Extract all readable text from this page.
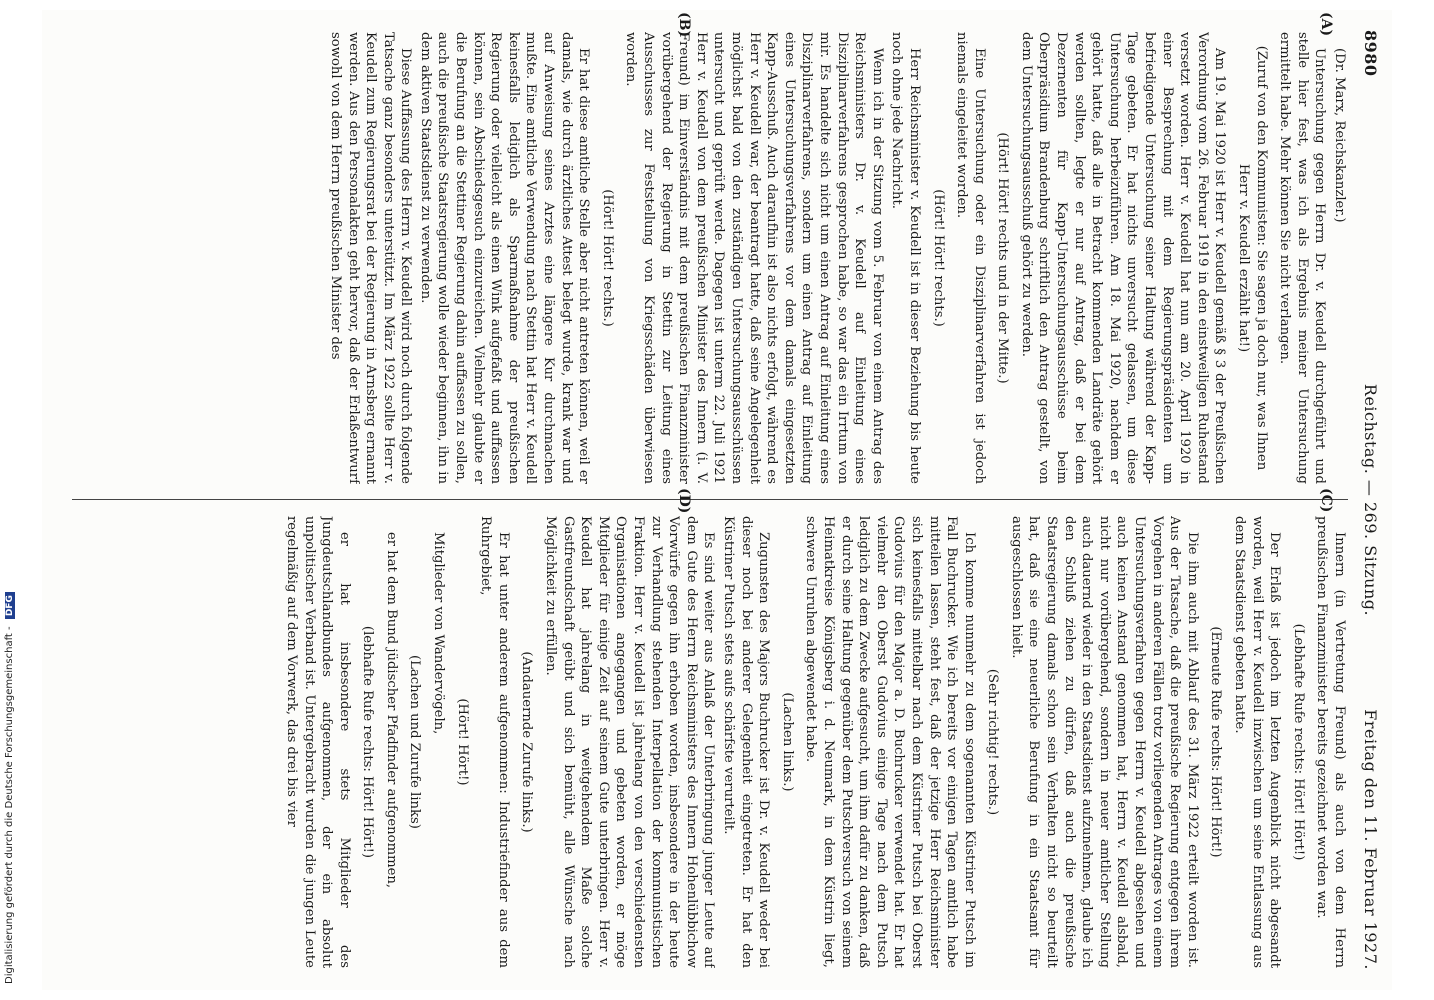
8980
Reichstag. — 269. Sitzung.
Freitag den 11. Februar 1927.

(Dr. Marx, Reichskanzler.)

Untersuchung gegen Herrn Dr. v. Keudell durchgeführt und stelle hier fest, was ich als Ergebnis meiner Untersuchung ermittelt habe. Mehr können Sie nicht verlangen.

(Zuruf von den Kommunisten: Sie sagen ja doch nur, was Ihnen Herr v. Keudell erzählt hat!)

Am 19. Mai 1920 ist Herr v. Keudell gemäß § 3 der Preußischen Verordnung vom 26. Februar 1919 in den einstweiligen Ruhestand versetzt worden. Herr v. Keudell hat nun am 20. April 1920 in einer Besprechung mit dem Regierungspräsidenten um befriedigende Untersuchung seiner Haltung während der Kapp-Tage gebeten. Er hat nichts unversucht gelassen, um diese Untersuchung herbeizuführen. Am 18. Mai 1920, nachdem er gehört hatte, daß alle in Betracht kommenden Landräte gehört werden sollten, legte er nur auf Antrag, daß er bei dem Dezernenten für Kapp-Untersuchungsausschüsse beim Oberpräsidium Brandenburg schriftlich den Antrag gestellt, von dem Untersuchungsausschuß gehört zu werden.

(Hört! Hört! rechts und in der Mitte.)

Eine Untersuchung oder ein Disziplinarverfahren ist jedoch niemals eingeleitet worden.

(Hört! Hört! rechts.)

Herr Reichsminister v. Keudell ist in dieser Beziehung bis heute noch ohne jede Nachricht.

Wenn ich in der Sitzung vom 5. Februar von einem Antrag des Reichsministers Dr. v. Keudell auf Einleitung eines Disziplinarverfahrens gesprochen habe, so war das ein Irrtum von mir. Es handelte sich nicht um einen Antrag auf Einleitung eines Disziplinarverfahrens, sondern um einen Antrag auf Einleitung eines Untersuchungsverfahrens vor dem damals eingesetzten Kapp-Ausschuß. Auch daraufhin ist also nichts erfolgt, während es Herr v. Keudell war, der beantragt hatte, daß seine Angelegenheit möglichst bald von den zuständigen Untersuchungsausschüssen untersucht und geprüft werde. Dagegen ist unterm 22. Juli 1921 Herr v. Keudell von dem preußischen Minister des Innern (i. V. Freund) im Einverständnis mit dem preußischen Finanzminister vorübergehend der Regierung in Stettin zur Leitung eines Ausschusses zur Feststellung von Kriegsschäden überwiesen worden.

(Hört! Hört! rechts.)

Er hat diese amtliche Stelle aber nicht antreten können, weil er damals, wie durch ärztliches Attest belegt wurde, krank war und auf Anweisung seines Arztes eine längere Kur durchmachen mußte. Eine amtliche Verwendung nach Stettin hat Herr v. Keudell keinesfalls lediglich als Sparmaßnahme der preußischen Regierung oder vielleicht als einen Wink aufgefaßt und auffassen können, sein Abschiedsgesuch einzureichen. Vielmehr glaubte er die Berufung an die Stettiner Regierung dahin auffassen zu sollen, auch die preußische Staatsregierung wolle wieder beginnen, ihn in dem aktiven Staatsdienst zu verwenden.

Diese Auffassung des Herrn v. Keudell wird noch durch folgende Tatsache ganz besonders unterstützt. Im März 1922 sollte Herr v. Keudell zum Regierungsrat bei der Regierung in Arnsberg ernannt werden. Aus den Personalakten geht hervor, daß der Erlaßentwurf sowohl von dem Herrn preußischen Minister des

Innern (in Vertretung Freund) als auch von dem Herrn preußischen Finanzminister bereits gezeichnet worden war.

(Lebhafte Rufe rechts: Hört! Hört!)

Der Erlaß ist jedoch im letzten Augenblick nicht abgesandt worden, weil Herr v. Keudell inzwischen um seine Entlassung aus dem Staatsdienst gebeten hatte.

(Erneute Rufe rechts: Hört! Hört!)

Die ihm auch mit Ablauf des 31. März 1922 erteilt worden ist. Aus der Tatsache, daß die preußische Regierung entgegen ihrem Vorgehen in anderen Fällen trotz vorliegenden Antrages von einem Untersuchungsverfahren gegen Herrn v. Keudell abgesehen und auch keinen Anstand genommen hat, Herrn v. Keudell alsbald, nicht nur vorübergehend, sondern in neuer amtlicher Stellung auch dauernd wieder in den Staatsdienst aufzunehmen, glaube ich den Schluß ziehen zu dürfen, daß auch die preußische Staatsregierung damals schon sein Verhalten nicht so beurteilt hat, daß sie eine neuerliche Berufung in ein Staatsamt für ausgeschlossen hielt.

(Sehr richtig! rechts.)

Ich komme nunmehr zu dem sogenannten Küstriner Putsch im Fall Buchrucker. Wie ich bereits vor einigen Tagen amtlich habe mitteilen lassen, steht fest, daß der jetzige Herr Reichsminister sich keinesfalls mittelbar nach dem Küstriner Putsch bei Oberst Gudovius für den Major a. D. Buchrucker verwendet hat. Er hat vielmehr den Oberst Gudovius einige Tage nach dem Putsch lediglich zu dem Zwecke aufgesucht, um ihm dafür zu danken, daß er durch seine Haltung gegenüber dem Putschversuch von seinem Heimatkreise Königsberg i. d. Neumark, in dem Küstrin liegt, schwere Unruhen abgewendet habe.

(Lachen links.)

Zugunsten des Majors Buchrucker ist Dr. v. Keudell weder bei dieser noch bei anderer Gelegenheit eingetreten. Er hat den Küstriner Putsch stets aufs schärfste verurteilt.

Es sind weiter aus Anlaß der Unterbringung junger Leute auf dem Gute des Herrn Reichsministers des Innern Hohenlübbichow Vorwürfe gegen ihn erhoben worden, insbesondere in der heute zur Verhandlung stehenden Interpellation der kommunistischen Fraktion. Herr v. Keudell ist jahrelang von den verschiedensten Organisationen angegangen und gebeten worden, er möge Mitglieder für einige Zeit auf seinem Gute unterbringen. Herr v. Keudell hat jahrelang in weitgehendem Maße solche Gastfreundschaft geübt und sich bemüht, alle Wünsche nach Möglichkeit zu erfüllen.

(Andauernde Zurufe links.)

Er hat unter anderem aufgenommen: Industriefinder aus dem Ruhrgebiet,

(Hört! Hört!)

Mitglieder von Wandervögeln,

(Lachen und Zurufe links)

er hat dem Bund jüdischer Pfadfinder aufgenommen,

(lebhafte Rufe rechts: Hört! Hört!)

er hat insbesondere stets Mitglieder des Jungdeutschlandbundes aufgenommen, der ein absolut unpolitischer Verband ist. Untergebracht wurden die jungen Leute regelmäßig auf dem Vorwerk, das drei bis vier

(A)
(B)
(C)
(D)
Digitalisierung gefördert durch die Deutsche Forschungsgemeinschaft - DFG
